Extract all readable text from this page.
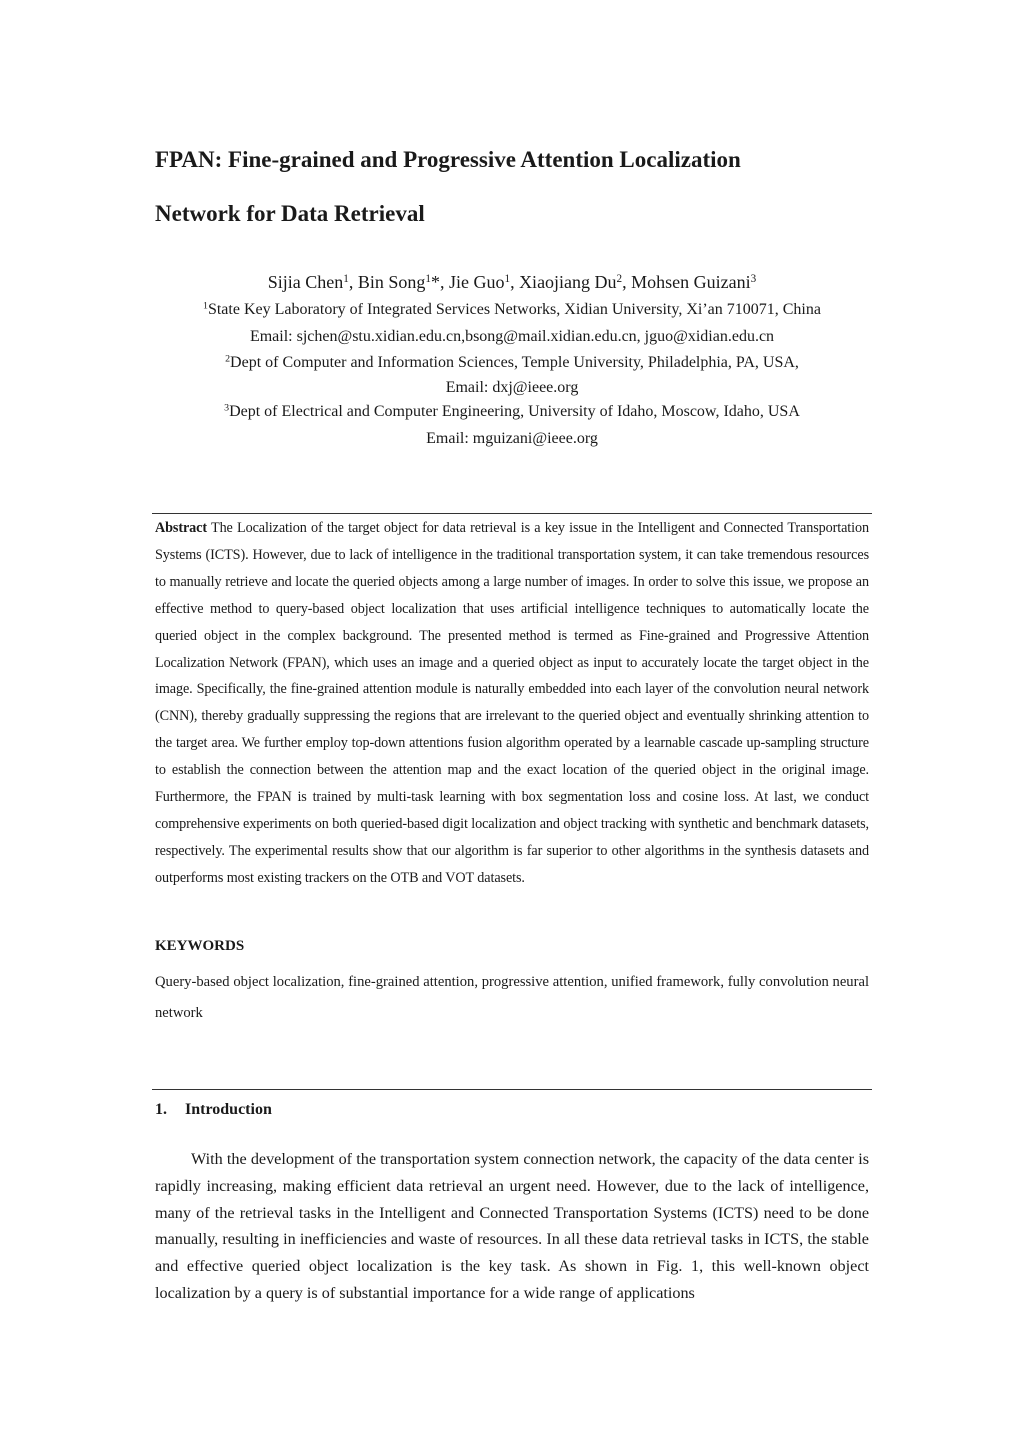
FPAN: Fine-grained and Progressive Attention Localization
Network for Data Retrieval

Sijia Chen$^1$, Bin Song$^1$*, Jie Guo$^1$, Xiaojiang Du$^2$, Mohsen Guizani$^3$

$^1$State Key Laboratory of Integrated Services Networks, Xidian University, Xi’an 710071, China

Email: sjchen@stu.xidian.edu.cn,bsong@mail.xidian.edu.cn, jguo@xidian.edu.cn

$^2$Dept of Computer and Information Sciences, Temple University, Philadelphia, PA, USA,

Email: dxj@ieee.org

$^3$Dept of Electrical and Computer Engineering, University of Idaho, Moscow, Idaho, USA

Email: mguizani@ieee.org

Abstract The Localization of the target object for data retrieval is a key issue in the Intelligent and Connected Transportation Systems (ICTS). However, due to lack of intelligence in the traditional transportation system, it can take tremendous resources to manually retrieve and locate the queried objects among a large number of images. In order to solve this issue, we propose an effective method to query-based object localization that uses artificial intelligence techniques to automatically locate the queried object in the complex background. The presented method is termed as Fine-grained and Progressive Attention Localization Network (FPAN), which uses an image and a queried object as input to accurately locate the target object in the image. Specifically, the fine-grained attention module is naturally embedded into each layer of the convolution neural network (CNN), thereby gradually suppressing the regions that are irrelevant to the queried object and eventually shrinking attention to the target area. We further employ top-down attentions fusion algorithm operated by a learnable cascade up-sampling structure to establish the connection between the attention map and the exact location of the queried object in the original image. Furthermore, the FPAN is trained by multi-task learning with box segmentation loss and cosine loss. At last, we conduct comprehensive experiments on both queried-based digit localization and object tracking with synthetic and benchmark datasets, respectively. The experimental results show that our algorithm is far superior to other algorithms in the synthesis datasets and outperforms most existing trackers on the OTB and VOT datasets.

KEYWORDS

Query-based object localization, fine-grained attention, progressive attention, unified framework, fully convolution neural network

1. Introduction

With the development of the transportation system connection network, the capacity of the data center is rapidly increasing, making efficient data retrieval an urgent need. However, due to the lack of intelligence, many of the retrieval tasks in the Intelligent and Connected Transportation Systems (ICTS) need to be done manually, resulting in inefficiencies and waste of resources. In all these data retrieval tasks in ICTS, the stable and effective queried object localization is the key task. As shown in Fig. 1, this well-known object localization by a query is of substantial importance for a wide range of applications
